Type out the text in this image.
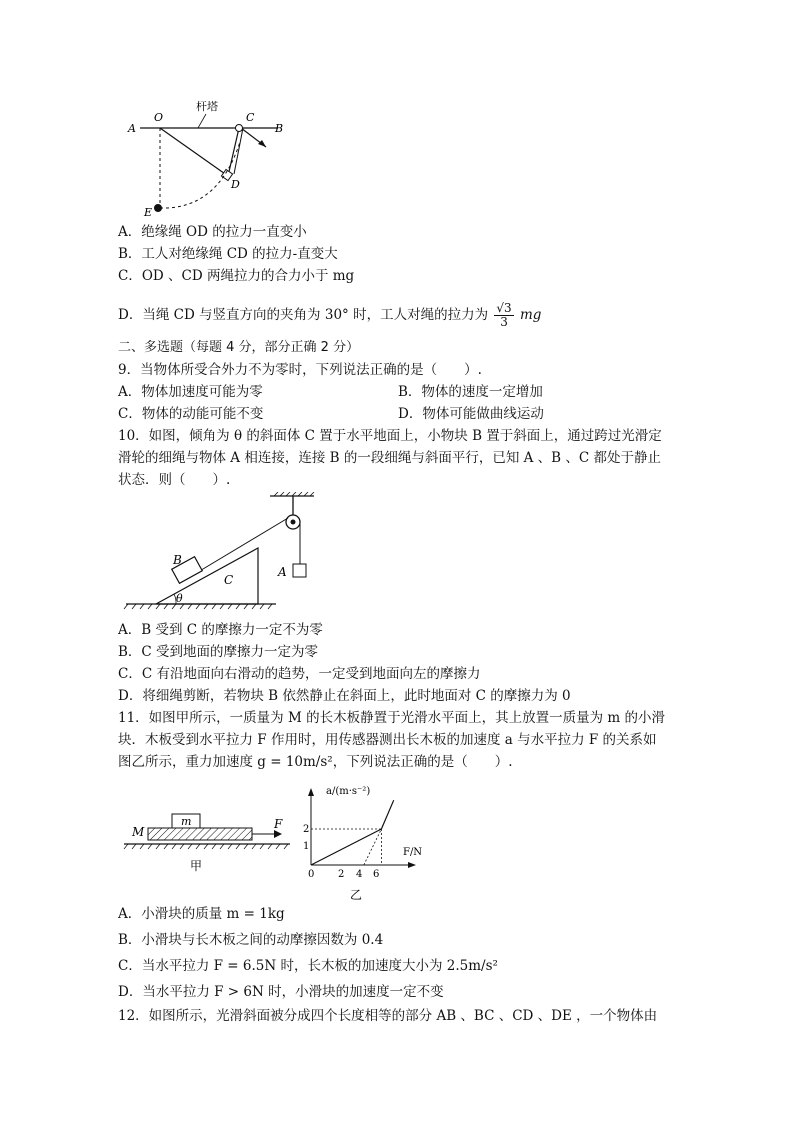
杆塔
A
O	C
B
D
E
A．绝缘绳 OD 的拉力一直变小
B．工人对绝缘绳 CD 的拉力-直变大
C．OD 、CD 两绳拉力的合力小于 mg
D．当绳 CD 与竖直方向的夹角为 30° 时，工人对绳的拉力为 $\frac{√3}{3}$ mg
二、多选题（每题 4 分，部分正确 2 分）
9．当物体所受合外力不为零时，下列说法正确的是（　　）.
A．物体加速度可能为零	B．物体的速度一定增加
C．物体的动能可能不变	D．物体可能做曲线运动
10．如图，倾角为 θ 的斜面体 C 置于水平地面上，小物块 B 置于斜面上，通过跨过光滑定
滑轮的细绳与物体 A 相连接，连接 B 的一段细绳与斜面平行，已知 A 、B 、C 都处于静止
状态．则（　　）.
B
C
A
θ
A．B 受到 C 的摩擦力一定不为零
B．C 受到地面的摩擦力一定为零
C．C 有沿地面向右滑动的趋势，一定受到地面向左的摩擦力
D．将细绳剪断，若物块 B 依然静止在斜面上，此时地面对 C 的摩擦力为 0
11．如图甲所示，一质量为 M 的长木板静置于光滑水平面上，其上放置一质量为 m 的小滑
块．木板受到水平拉力 F 作用时，用传感器测出长木板的加速度 a 与水平拉力 F 的关系如
图乙所示，重力加速度 g = 10m/s²，下列说法正确的是（　　）.
m
M
F
甲
a/(m·s⁻²)
F/N
1
2
0 2 4 6
乙
A．小滑块的质量 m = 1kg
B．小滑块与长木板之间的动摩擦因数为 0.4
C．当水平拉力 F = 6.5N 时，长木板的加速度大小为 2.5m/s²
D．当水平拉力 F > 6N 时，小滑块的加速度一定不变
12．如图所示，光滑斜面被分成四个长度相等的部分 AB 、BC 、CD 、DE ，一个物体由
